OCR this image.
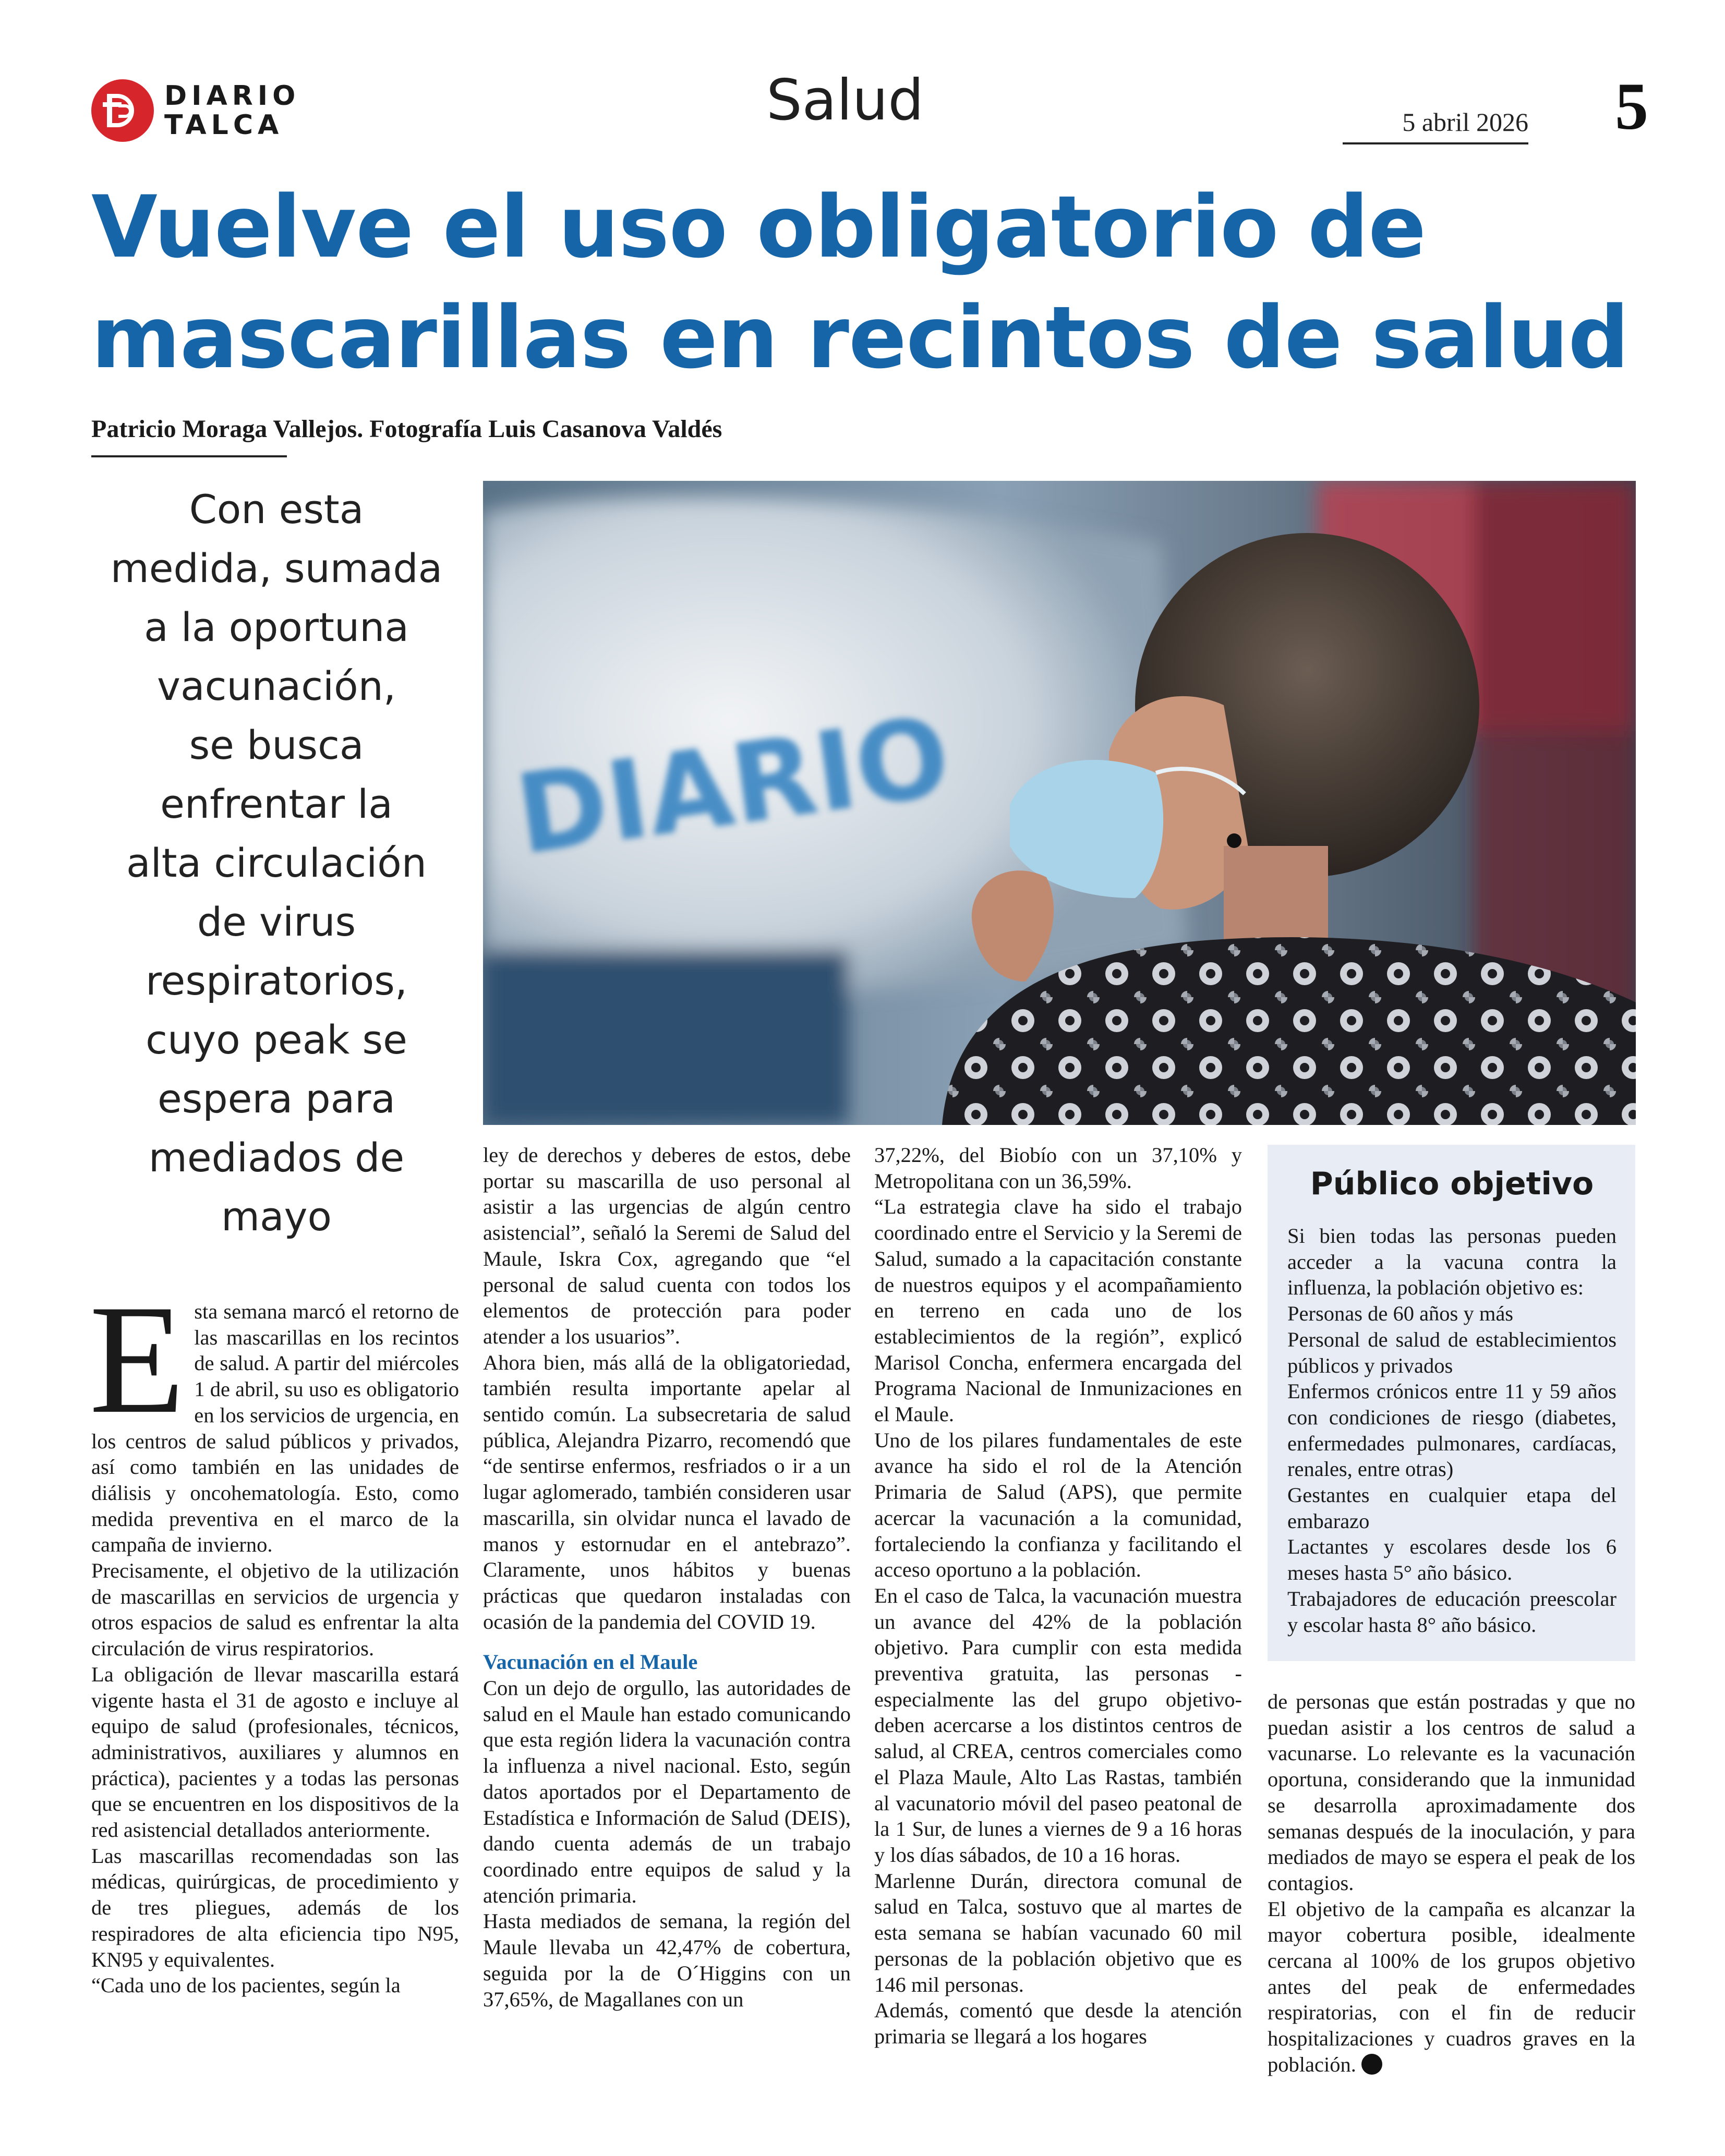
DIARIO
TALCA	Salud	5 abril 2026	5
Vuelve el uso obligatorio de
mascarillas en recintos de salud
Patricio Moraga Vallejos. Fotografía Luis Casanova Valdés
Con esta
medida, sumada
a la oportuna
vacunación,
se busca
enfrentar la
alta circulación
de virus
respiratorios,
cuyo peak se
espera para
mediados de
mayo
DIARIO

Esta semana marcó el retorno de las mascarillas en los recintos de salud. A partir del miércoles 1 de abril, su uso es obligatorio en los servicios de urgencia, en los centros de salud públicos y privados, así como también en las unidades de diálisis y oncohematología. Esto, como medida preventiva en el marco de la campaña de invierno.

Precisamente, el objetivo de la utilización de mascarillas en servicios de urgencia y otros espacios de salud es enfrentar la alta circulación de virus respiratorios.

La obligación de llevar mascarilla estará vigente hasta el 31 de agosto e incluye al equipo de salud (profesionales, técnicos, administrativos, auxiliares y alumnos en práctica), pacientes y a todas las personas que se encuentren en los dispositivos de la red asistencial detallados anteriormente.

Las mascarillas recomendadas son las médicas, quirúrgicas, de procedimiento y de tres pliegues, además de los respiradores de alta eficiencia tipo N95, KN95 y equivalentes.

“Cada uno de los pacientes, según la

ley de derechos y deberes de estos, debe portar su mascarilla de uso personal al asistir a las urgencias de algún centro asistencial”, señaló la Seremi de Salud del Maule, Iskra Cox, agregando que “el personal de salud cuenta con todos los elementos de protección para poder atender a los usuarios”.

Ahora bien, más allá de la obligatoriedad, también resulta importante apelar al sentido común. La subsecretaria de salud pública, Alejandra Pizarro, recomendó que “de sentirse enfermos, resfriados o ir a un lugar aglomerado, también consideren usar mascarilla, sin olvidar nunca el lavado de manos y estornudar en el antebrazo”. Claramente, unos hábitos y buenas prácticas que quedaron instaladas con ocasión de la pandemia del COVID 19.

Vacunación en el Maule

Con un dejo de orgullo, las autoridades de salud en el Maule han estado comunicando que esta región lidera la vacunación contra la influenza a nivel nacional. Esto, según datos aportados por el Departamento de Estadística e Información de Salud (DEIS), dando cuenta además de un trabajo coordinado entre equipos de salud y la atención primaria.

Hasta mediados de semana, la región del Maule llevaba un 42,47% de cobertura, seguida por la de O´Higgins con un 37,65%, de Magallanes con un

37,22%, del Biobío con un 37,10% y Metropolitana con un 36,59%.

“La estrategia clave ha sido el trabajo coordinado entre el Servicio y la Seremi de Salud, sumado a la capacitación constante de nuestros equipos y el acompañamiento en terreno en cada uno de los establecimientos de la región”, explicó Marisol Concha, enfermera encargada del Programa Nacional de Inmunizaciones en el Maule.

Uno de los pilares fundamentales de este avance ha sido el rol de la Atención Primaria de Salud (APS), que permite acercar la vacunación a la comunidad, fortaleciendo la confianza y facilitando el acceso oportuno a la población.

En el caso de Talca, la vacunación muestra un avance del 42% de la población objetivo. Para cumplir con esta medida preventiva gratuita, las personas -especialmente las del grupo objetivo- deben acercarse a los distintos centros de salud, al CREA, centros comerciales como el Plaza Maule, Alto Las Rastas, también al vacunatorio móvil del paseo peatonal de la 1 Sur, de lunes a viernes de 9 a 16 horas y los días sábados, de 10 a 16 horas.

Marlenne Durán, directora comunal de salud en Talca, sostuvo que al martes de esta semana se habían vacunado 60 mil personas de la población objetivo que es 146 mil personas.

Además, comentó que desde la atención primaria se llegará a los hogares

Público objetivo

Si bien todas las personas pueden acceder a la vacuna contra la influenza, la población objetivo es:

Personas de 60 años y más

Personal de salud de establecimientos públicos y privados

Enfermos crónicos entre 11 y 59 años con condiciones de riesgo (diabetes, enfermedades pulmonares, cardíacas, renales, entre otras)

Gestantes en cualquier etapa del embarazo

Lactantes y escolares desde los 6 meses hasta 5° año básico.

Trabajadores de educación preescolar y escolar hasta 8° año básico.

de personas que están postradas y que no puedan asistir a los centros de salud a vacunarse. Lo relevante es la vacunación oportuna, considerando que la inmunidad se desarrolla aproximadamente dos semanas después de la inoculación, y para mediados de mayo se espera el peak de los contagios.

El objetivo de la campaña es alcanzar la mayor cobertura posible, idealmente cercana al 100% de los grupos objetivo antes del peak de enfermedades respiratorias, con el fin de reducir hospitalizaciones y cuadros graves en la población.
